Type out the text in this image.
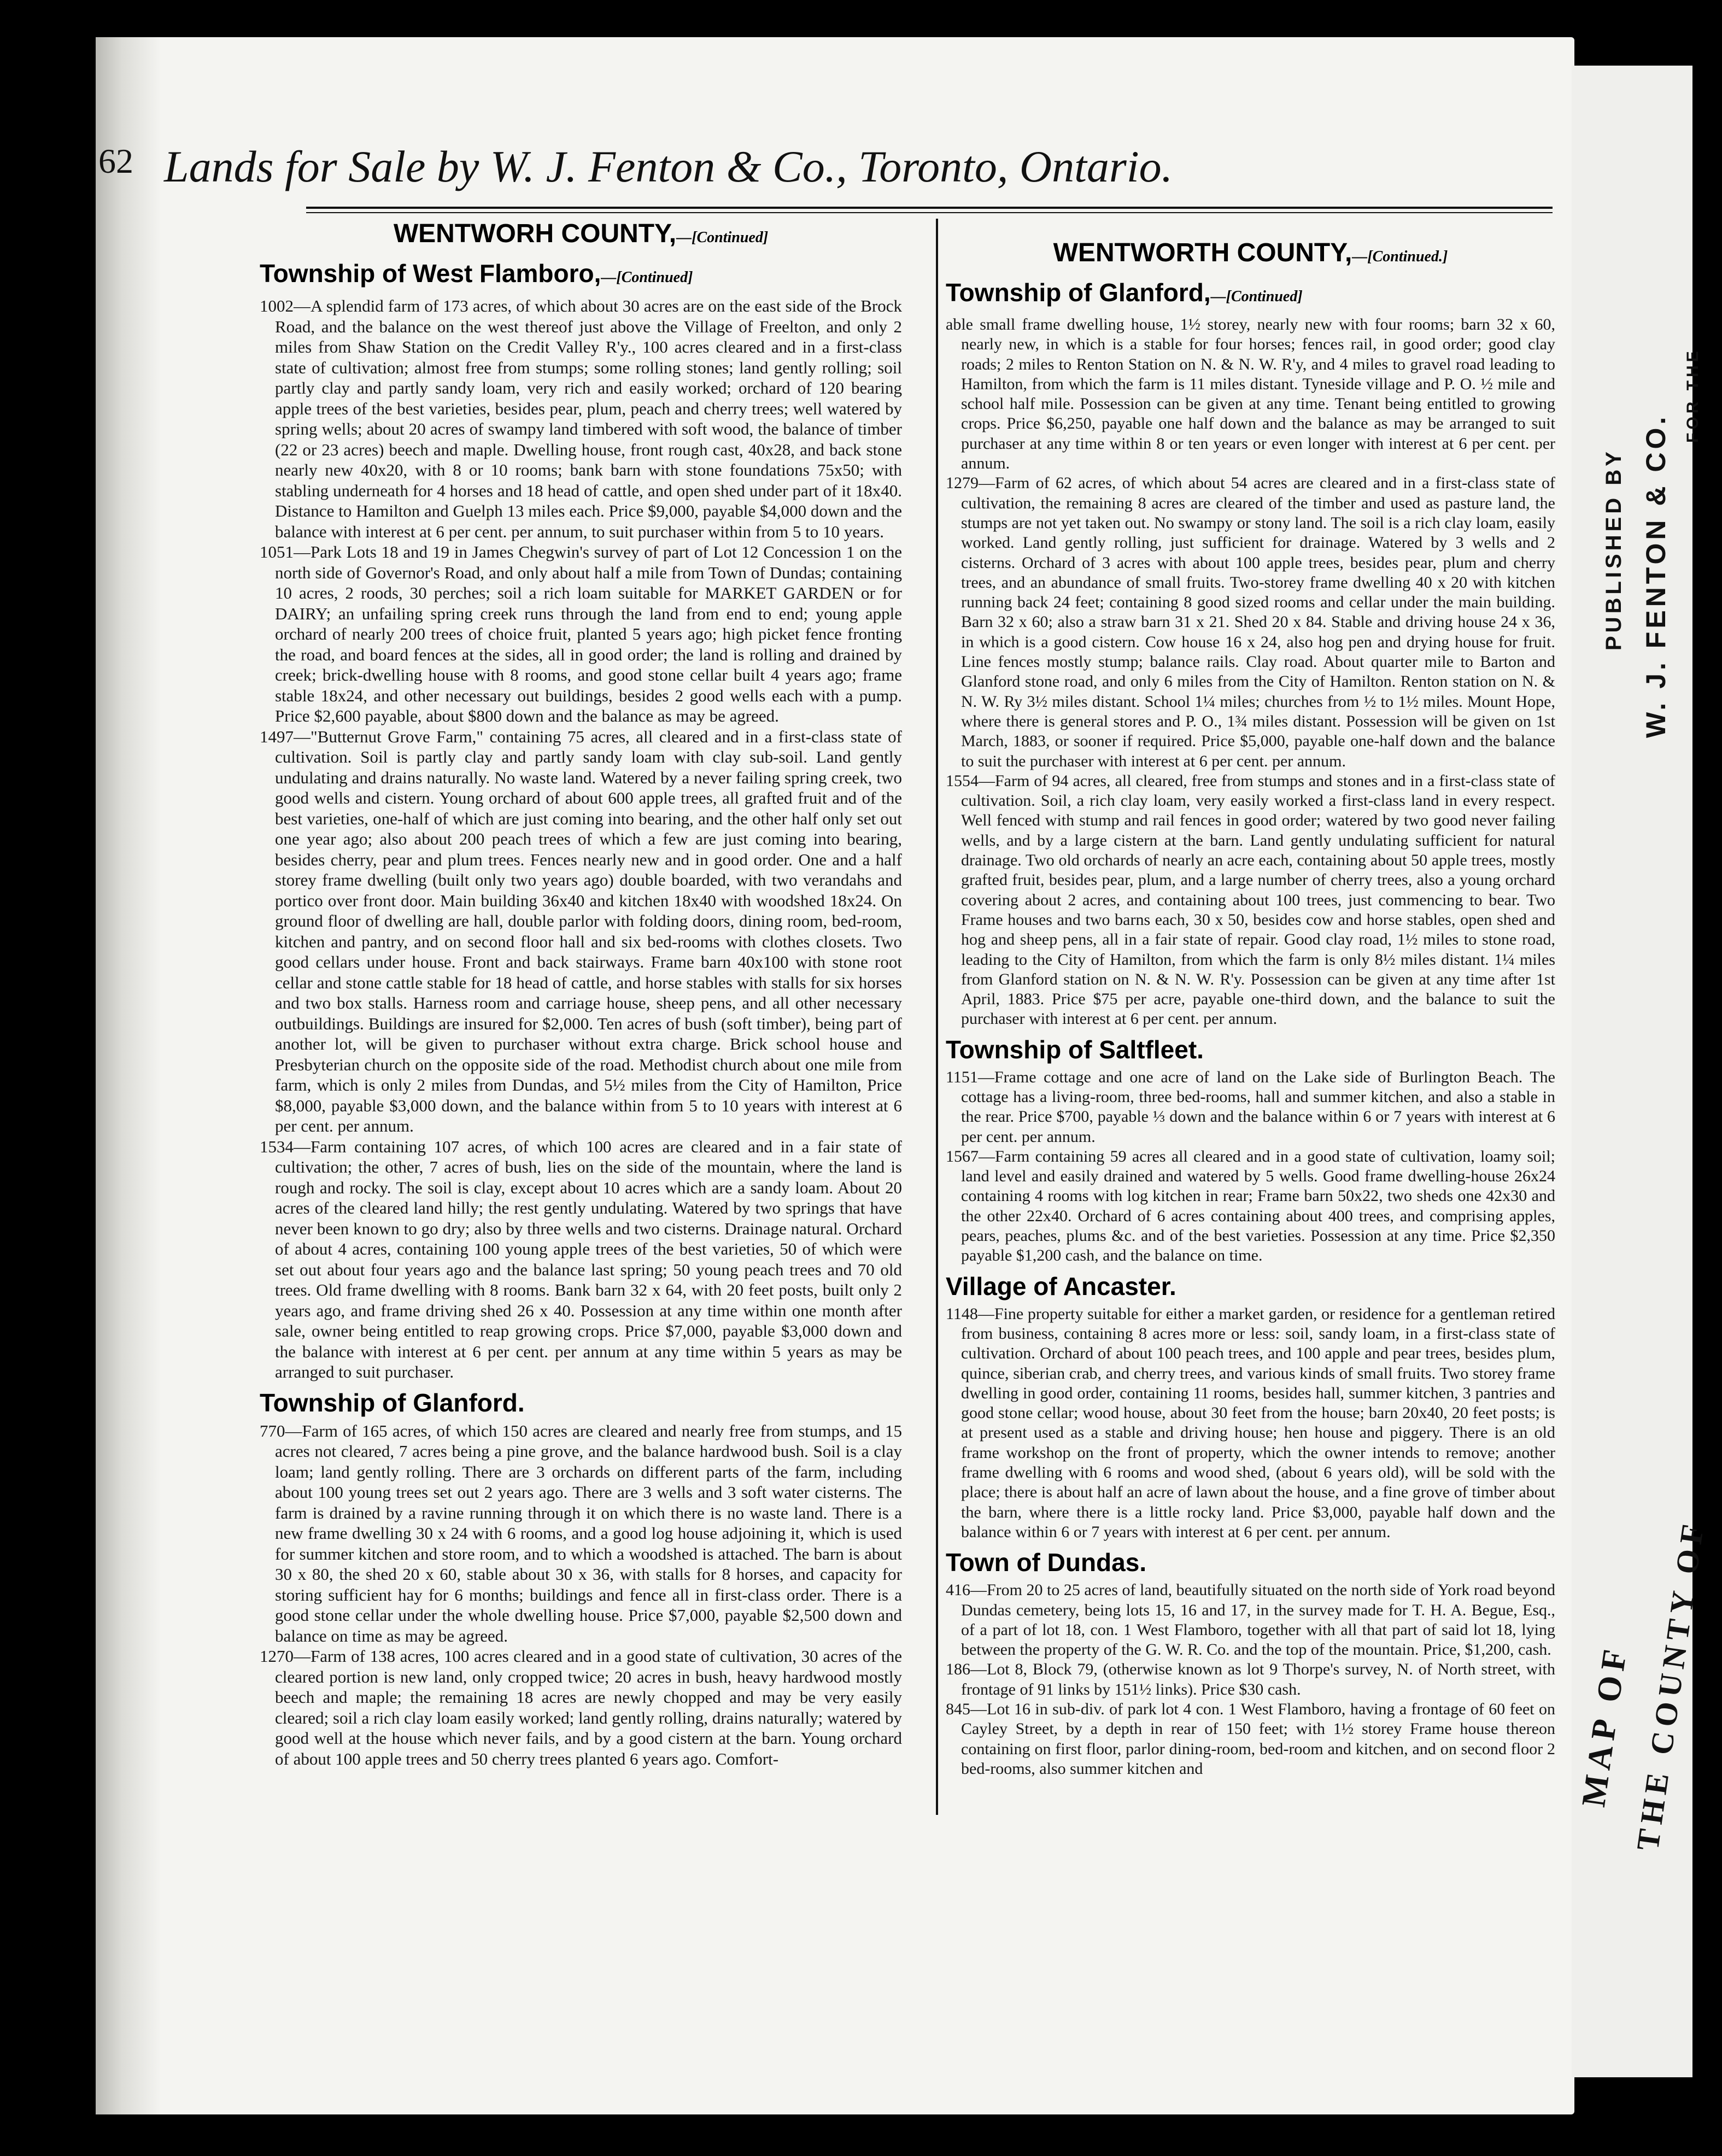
62 Lands for Sale by W. J. Fenton & Co., Toronto, Ontario.
WENTWORH COUNTY,—[Continued]
Township of West Flamboro,—[Continued]

1002—A splendid farm of 173 acres, of which about 30 acres are on the east side of the Brock Road, and the balance on the west thereof just above the Village of Freelton, and only 2 miles from Shaw Station on the Credit Valley R'y., 100 acres cleared and in a first-class state of cultivation; almost free from stumps; some rolling stones; land gently rolling; soil partly clay and partly sandy loam, very rich and easily worked; orchard of 120 bearing apple trees of the best varieties, besides pear, plum, peach and cherry trees; well watered by spring wells; about 20 acres of swampy land timbered with soft wood, the balance of timber (22 or 23 acres) beech and maple. Dwelling house, front rough cast, 40x28, and back stone nearly new 40x20, with 8 or 10 rooms; bank barn with stone foundations 75x50; with stabling underneath for 4 horses and 18 head of cattle, and open shed under part of it 18x40. Distance to Hamilton and Guelph 13 miles each. Price $9,000, payable $4,000 down and the balance with interest at 6 per cent. per annum, to suit purchaser within from 5 to 10 years.

1051—Park Lots 18 and 19 in James Chegwin's survey of part of Lot 12 Concession 1 on the north side of Governor's Road, and only about half a mile from Town of Dundas; containing 10 acres, 2 roods, 30 perches; soil a rich loam suitable for MARKET GARDEN or for DAIRY; an unfailing spring creek runs through the land from end to end; young apple orchard of nearly 200 trees of choice fruit, planted 5 years ago; high picket fence fronting the road, and board fences at the sides, all in good order; the land is rolling and drained by creek; brick-dwelling house with 8 rooms, and good stone cellar built 4 years ago; frame stable 18x24, and other necessary out buildings, besides 2 good wells each with a pump. Price $2,600 payable, about $800 down and the balance as may be agreed.

1497—"Butternut Grove Farm," containing 75 acres, all cleared and in a first-class state of cultivation. Soil is partly clay and partly sandy loam with clay sub-soil. Land gently undulating and drains naturally. No waste land. Watered by a never failing spring creek, two good wells and cistern. Young orchard of about 600 apple trees, all grafted fruit and of the best varieties, one-half of which are just coming into bearing, and the other half only set out one year ago; also about 200 peach trees of which a few are just coming into bearing, besides cherry, pear and plum trees. Fences nearly new and in good order. One and a half storey frame dwelling (built only two years ago) double boarded, with two verandahs and portico over front door. Main building 36x40 and kitchen 18x40 with woodshed 18x24. On ground floor of dwelling are hall, double parlor with folding doors, dining room, bed-room, kitchen and pantry, and on second floor hall and six bed-rooms with clothes closets. Two good cellars under house. Front and back stairways. Frame barn 40x100 with stone root cellar and stone cattle stable for 18 head of cattle, and horse stables with stalls for six horses and two box stalls. Harness room and carriage house, sheep pens, and all other necessary outbuildings. Buildings are insured for $2,000. Ten acres of bush (soft timber), being part of another lot, will be given to purchaser without extra charge. Brick school house and Presbyterian church on the opposite side of the road. Methodist church about one mile from farm, which is only 2 miles from Dundas, and 5½ miles from the City of Hamilton, Price $8,000, payable $3,000 down, and the balance within from 5 to 10 years with interest at 6 per cent. per annum.

1534—Farm containing 107 acres, of which 100 acres are cleared and in a fair state of cultivation; the other, 7 acres of bush, lies on the side of the mountain, where the land is rough and rocky. The soil is clay, except about 10 acres which are a sandy loam. About 20 acres of the cleared land hilly; the rest gently undulating. Watered by two springs that have never been known to go dry; also by three wells and two cisterns. Drainage natural. Orchard of about 4 acres, containing 100 young apple trees of the best varieties, 50 of which were set out about four years ago and the balance last spring; 50 young peach trees and 70 old trees. Old frame dwelling with 8 rooms. Bank barn 32 x 64, with 20 feet posts, built only 2 years ago, and frame driving shed 26 x 40. Possession at any time within one month after sale, owner being entitled to reap growing crops. Price $7,000, payable $3,000 down and the balance with interest at 6 per cent. per annum at any time within 5 years as may be arranged to suit purchaser.

Township of Glanford.

770—Farm of 165 acres, of which 150 acres are cleared and nearly free from stumps, and 15 acres not cleared, 7 acres being a pine grove, and the balance hardwood bush. Soil is a clay loam; land gently rolling. There are 3 orchards on different parts of the farm, including about 100 young trees set out 2 years ago. There are 3 wells and 3 soft water cisterns. The farm is drained by a ravine running through it on which there is no waste land. There is a new frame dwelling 30 x 24 with 6 rooms, and a good log house adjoining it, which is used for summer kitchen and store room, and to which a woodshed is attached. The barn is about 30 x 80, the shed 20 x 60, stable about 30 x 36, with stalls for 8 horses, and capacity for storing sufficient hay for 6 months; buildings and fence all in first-class order. There is a good stone cellar under the whole dwelling house. Price $7,000, payable $2,500 down and balance on time as may be agreed.

1270—Farm of 138 acres, 100 acres cleared and in a good state of cultivation, 30 acres of the cleared portion is new land, only cropped twice; 20 acres in bush, heavy hardwood mostly beech and maple; the remaining 18 acres are newly chopped and may be very easily cleared; soil a rich clay loam easily worked; land gently rolling, drains naturally; watered by good well at the house which never fails, and by a good cistern at the barn. Young orchard of about 100 apple trees and 50 cherry trees planted 6 years ago. Comfort-

WENTWORTH COUNTY,—[Continued.]
Township of Glanford,—[Continued]

able small frame dwelling house, 1½ storey, nearly new with four rooms; barn 32 x 60, nearly new, in which is a stable for four horses; fences rail, in good order; good clay roads; 2 miles to Renton Station on N. & N. W. R'y, and 4 miles to gravel road leading to Hamilton, from which the farm is 11 miles distant. Tyneside village and P. O. ½ mile and school half mile. Possession can be given at any time. Tenant being entitled to growing crops. Price $6,250, payable one half down and the balance as may be arranged to suit purchaser at any time within 8 or ten years or even longer with interest at 6 per cent. per annum.

1279—Farm of 62 acres, of which about 54 acres are cleared and in a first-class state of cultivation, the remaining 8 acres are cleared of the timber and used as pasture land, the stumps are not yet taken out. No swampy or stony land. The soil is a rich clay loam, easily worked. Land gently rolling, just sufficient for drainage. Watered by 3 wells and 2 cisterns. Orchard of 3 acres with about 100 apple trees, besides pear, plum and cherry trees, and an abundance of small fruits. Two-storey frame dwelling 40 x 20 with kitchen running back 24 feet; containing 8 good sized rooms and cellar under the main building. Barn 32 x 60; also a straw barn 31 x 21. Shed 20 x 84. Stable and driving house 24 x 36, in which is a good cistern. Cow house 16 x 24, also hog pen and drying house for fruit. Line fences mostly stump; balance rails. Clay road. About quarter mile to Barton and Glanford stone road, and only 6 miles from the City of Hamilton. Renton station on N. & N. W. Ry 3½ miles distant. School 1¼ miles; churches from ½ to 1½ miles. Mount Hope, where there is general stores and P. O., 1¾ miles distant. Possession will be given on 1st March, 1883, or sooner if required. Price $5,000, payable one-half down and the balance to suit the purchaser with interest at 6 per cent. per annum.

1554—Farm of 94 acres, all cleared, free from stumps and stones and in a first-class state of cultivation. Soil, a rich clay loam, very easily worked a first-class land in every respect. Well fenced with stump and rail fences in good order; watered by two good never failing wells, and by a large cistern at the barn. Land gently undulating sufficient for natural drainage. Two old orchards of nearly an acre each, containing about 50 apple trees, mostly grafted fruit, besides pear, plum, and a large number of cherry trees, also a young orchard covering about 2 acres, and containing about 100 trees, just commencing to bear. Two Frame houses and two barns each, 30 x 50, besides cow and horse stables, open shed and hog and sheep pens, all in a fair state of repair. Good clay road, 1½ miles to stone road, leading to the City of Hamilton, from which the farm is only 8½ miles distant. 1¼ miles from Glanford station on N. & N. W. R'y. Possession can be given at any time after 1st April, 1883. Price $75 per acre, payable one-third down, and the balance to suit the purchaser with interest at 6 per cent. per annum.

Township of Saltfleet.

1151—Frame cottage and one acre of land on the Lake side of Burlington Beach. The cottage has a living-room, three bed-rooms, hall and summer kitchen, and also a stable in the rear. Price $700, payable ⅓ down and the balance within 6 or 7 years with interest at 6 per cent. per annum.

1567—Farm containing 59 acres all cleared and in a good state of cultivation, loamy soil; land level and easily drained and watered by 5 wells. Good frame dwelling-house 26x24 containing 4 rooms with log kitchen in rear; Frame barn 50x22, two sheds one 42x30 and the other 22x40. Orchard of 6 acres containing about 400 trees, and comprising apples, pears, peaches, plums &c. and of the best varieties. Possession at any time. Price $2,350 payable $1,200 cash, and the balance on time.

Village of Ancaster.

1148—Fine property suitable for either a market garden, or residence for a gentleman retired from business, containing 8 acres more or less: soil, sandy loam, in a first-class state of cultivation. Orchard of about 100 peach trees, and 100 apple and pear trees, besides plum, quince, siberian crab, and cherry trees, and various kinds of small fruits. Two storey frame dwelling in good order, containing 11 rooms, besides hall, summer kitchen, 3 pantries and good stone cellar; wood house, about 30 feet from the house; barn 20x40, 20 feet posts; is at present used as a stable and driving house; hen house and piggery. There is an old frame workshop on the front of property, which the owner intends to remove; another frame dwelling with 6 rooms and wood shed, (about 6 years old), will be sold with the place; there is about half an acre of lawn about the house, and a fine grove of timber about the barn, where there is a little rocky land. Price $3,000, payable half down and the balance within 6 or 7 years with interest at 6 per cent. per annum.

Town of Dundas.

416—From 20 to 25 acres of land, beautifully situated on the north side of York road beyond Dundas cemetery, being lots 15, 16 and 17, in the survey made for T. H. A. Begue, Esq., of a part of lot 18, con. 1 West Flamboro, together with all that part of said lot 18, lying between the property of the G. W. R. Co. and the top of the mountain. Price, $1,200, cash.

186—Lot 8, Block 79, (otherwise known as lot 9 Thorpe's survey, N. of North street, with frontage of 91 links by 151½ links). Price $30 cash.

845—Lot 16 in sub-div. of park lot 4 con. 1 West Flamboro, having a frontage of 60 feet on Cayley Street, by a depth in rear of 150 feet; with 1½ storey Frame house thereon containing on first floor, parlor dining-room, bed-room and kitchen, and on second floor 2 bed-rooms, also summer kitchen and

PUBLISHED BY W. J. FENTON & CO.
FOR THE
MAP OF
THE COUNTY OF
